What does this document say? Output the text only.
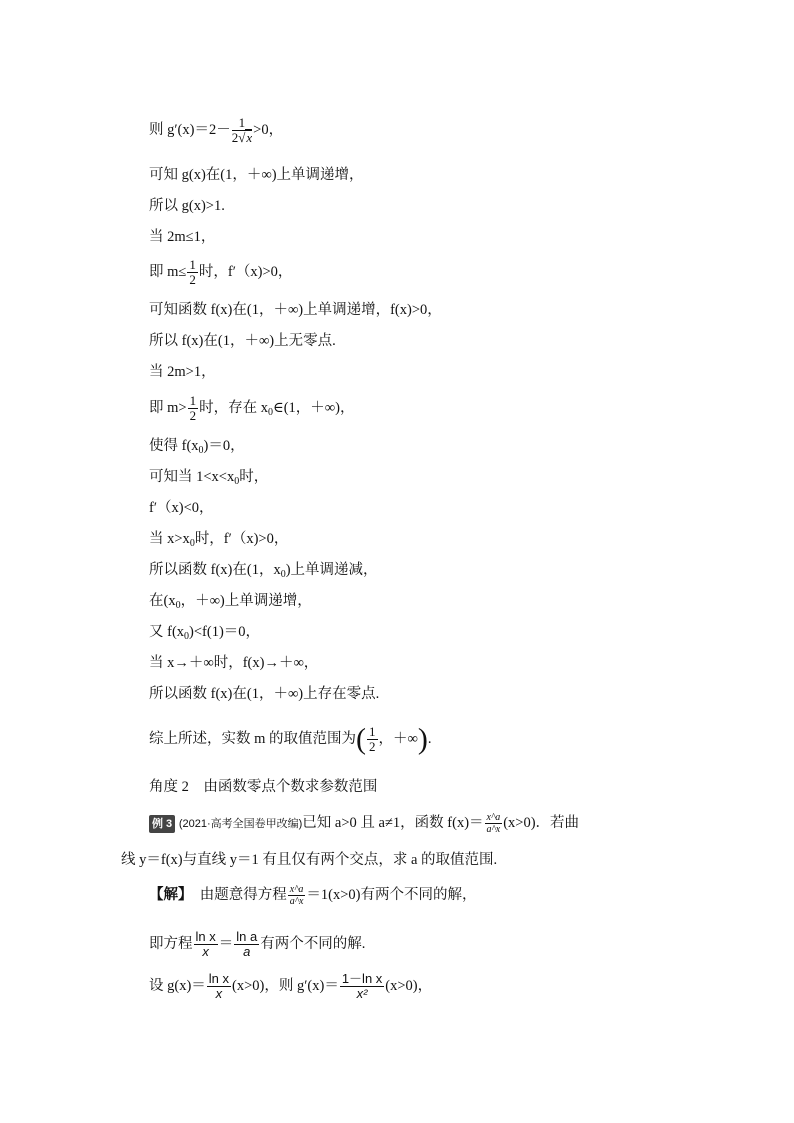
则 $g'(x)=2- \frac{1}{2√x} >0$，
可知 g(x)在(1，＋∞)上单调递增，
所以 g(x)>1.
当 2m≤1，
即 $m\le \frac{1}{2}$ 时，f′（x)>0，
可知函数 f(x)在(1，＋∞)上单调递增，f(x)>0，
所以 f(x)在(1，＋∞)上无零点.
当 2m>1，
即 $m> \frac{1}{2}$ 时，存在 $x_0\in(1$，＋∞)，
使得 $f(x_0)=0$，
可知当 $1<x<x_0$时，
f′（x)<0，
当 $x>x_0$时，f′（x)>0，
所以函数 f(x)在(1，$x_0$)上单调递减，
在($x_0$，＋∞)上单调递增，
又 $f(x_0)<f(1)=0$，
当 x→＋∞时，f(x)→＋∞，
所以函数 f(x)在(1，＋∞)上存在零点.
综上所述，实数 m 的取值范围为( $\frac{1}{2}$ ，＋∞).
角度 2　由函数零点个数求参数范围
例 3 (2021·高考全国卷甲改编)已知 a>0 且 a≠1，函数 $f(x)= \frac{x\^{}a}{a\^{}x} (x>0)$．若曲
线 y＝f(x)与直线 y＝1 有且仅有两个交点，求 a 的取值范围.
【解】　 由题意得方程 $\frac{x\^{}a}{a\^{}x} =1(x>0)$有两个不同的解，
即方程 $\frac{\text{ln x}}{x} = \frac{\text{ln a}}{a}$ 有两个不同的解.
设 $g(x)= \frac{\text{ln x}}{x} (x>0)$，则 $g'(x)= \frac{\text{1－ln x}}{\text{x²}} (x>0)$，
